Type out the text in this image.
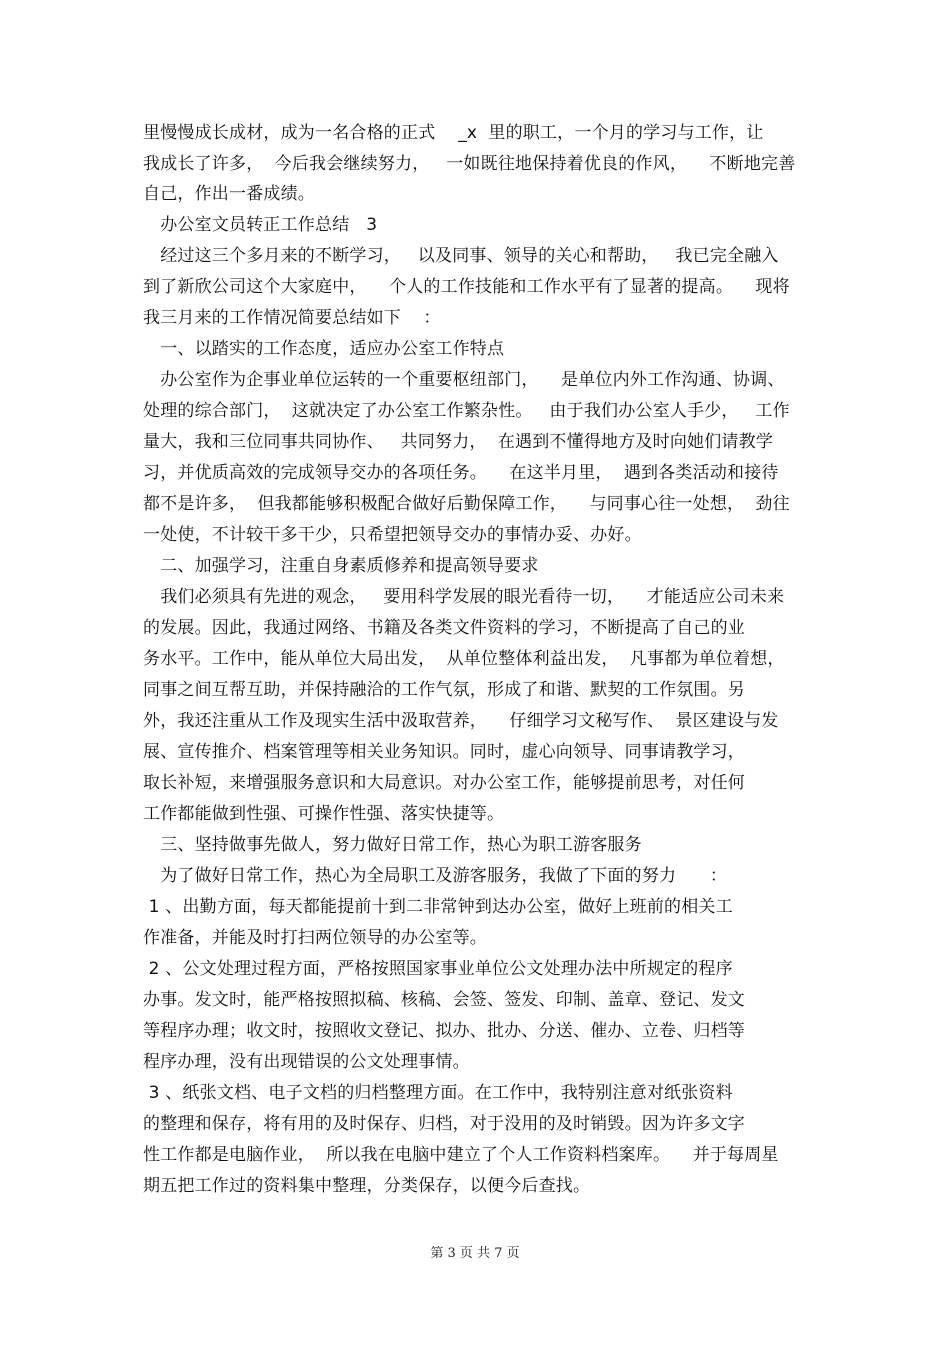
里慢慢成长成材，成为一名合格的正式　 _x  里的职工，一个月的学习与工作，让
我成长了许多，  今后我会继续努力，   一如既往地保持着优良的作风，    不断地完善
自己，作出一番成绩。
　办公室文员转正工作总结   3
　经过这三个多月来的不断学习，   以及同事、领导的关心和帮助，   我已完全融入
到了新欣公司这个大家庭中，    个人的工作技能和工作水平有了显著的提高。    现将
我三月来的工作情况简要总结如下    ：
　一、以踏实的工作态度，适应办公室工作特点
　办公室作为企事业单位运转的一个重要枢纽部门，    是单位内外工作沟通、协调、
处理的综合部门，  这就决定了办公室工作繁杂性。   由于我们办公室人手少，   工作
量大，我和三位同事共同协作、   共同努力，  在遇到不懂得地方及时向她们请教学
习，并优质高效的完成领导交办的各项任务。    在这半月里，  遇到各类活动和接待
都不是许多，  但我都能够积极配合做好后勤保障工作，    与同事心往一处想，  劲往
一处使，不计较干多干少，只希望把领导交办的事情办妥、办好。
　二、加强学习，注重自身素质修养和提高领导要求
　我们必须具有先进的观念，   要用科学发展的眼光看待一切，    才能适应公司未来
的发展。因此，我通过网络、书籍及各类文件资料的学习，不断提高了自己的业
务水平。工作中，能从单位大局出发，  从单位整体利益出发，  凡事都为单位着想，
同事之间互帮互助，并保持融洽的工作气氛，形成了和谐、默契的工作氛围。另
外，我还注重从工作及现实生活中汲取营养，    仔细学习文秘写作、  景区建设与发
展、宣传推介、档案管理等相关业务知识。同时，虚心向领导、同事请教学习，
取长补短，来增强服务意识和大局意识。对办公室工作，能够提前思考，对任何
工作都能做到性强、可操作性强、落实快捷等。
　三、坚持做事先做人，努力做好日常工作，热心为职工游客服务
　为了做好日常工作，热心为全局职工及游客服务，我做了下面的努力      ：
1 、出勤方面，每天都能提前十到二非常钟到达办公室，做好上班前的相关工
作准备，并能及时打扫两位领导的办公室等。
2 、公文处理过程方面，严格按照国家事业单位公文处理办法中所规定的程序
办事。发文时，能严格按照拟稿、核稿、会签、签发、印制、盖章、登记、发文
等程序办理；收文时，按照收文登记、拟办、批办、分送、催办、立卷、归档等
程序办理，没有出现错误的公文处理事情。
3 、纸张文档、电子文档的归档整理方面。在工作中，我特别注意对纸张资料
的整理和保存，将有用的及时保存、归档，对于没用的及时销毁。因为许多文字
性工作都是电脑作业，  所以我在电脑中建立了个人工作资料档案库。    并于每周星
期五把工作过的资料集中整理，分类保存，以便今后查找。
第 3 页 共 7 页
